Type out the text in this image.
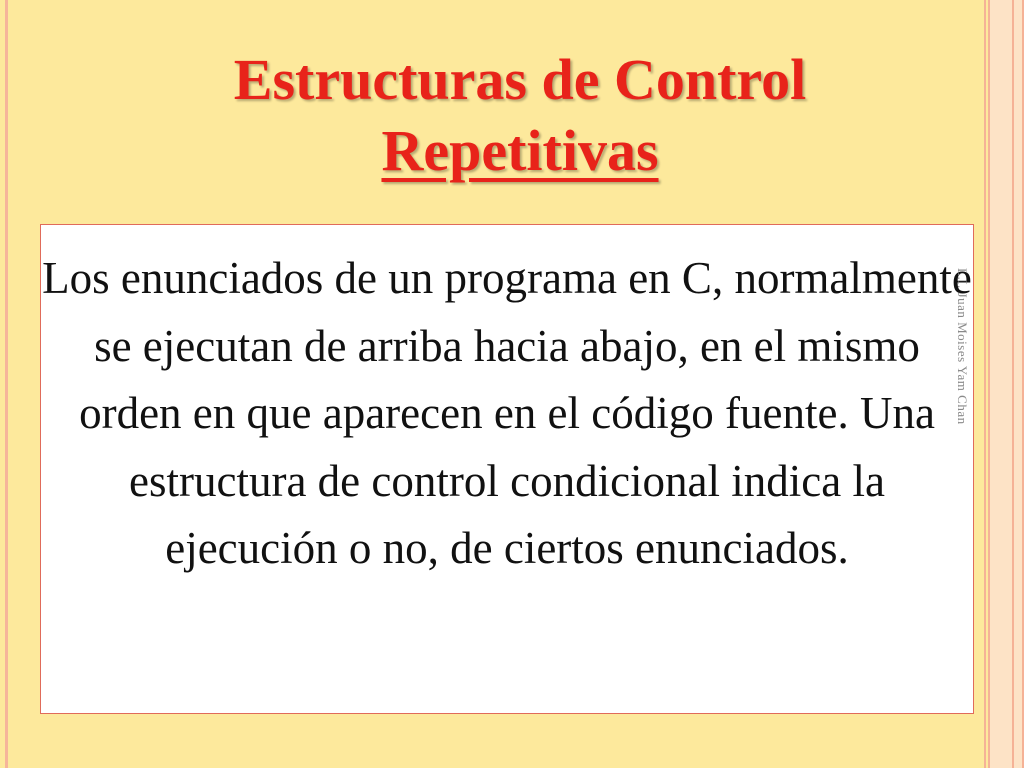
Estructuras de Control
Repetitivas

Los enunciados de un programa en C, normalmente se ejecutan de arriba hacia abajo, en el mismo orden en que aparecen en el código fuente. Una estructura de control condicional indica la ejecución o no, de ciertos enunciados.

L.I. Juan Moises Yam Chan
